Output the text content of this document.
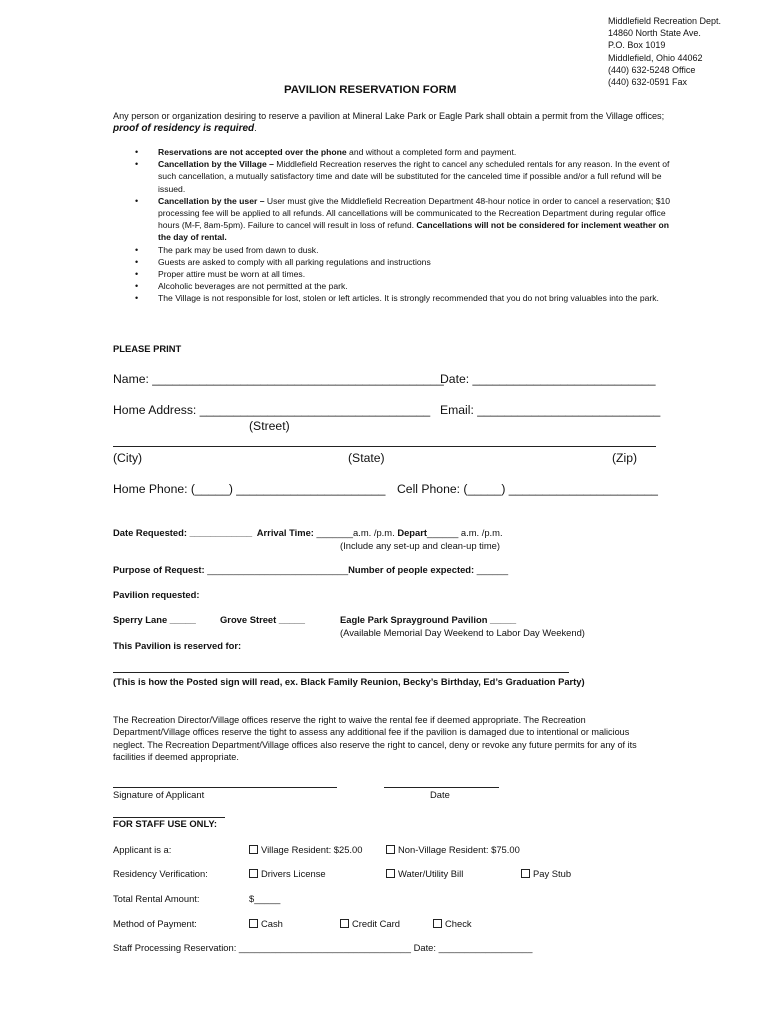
Middlefield Recreation Dept.
14860 North State Ave.
P.O. Box 1019
Middlefield, Ohio 44062
(440) 632-5248 Office
(440) 632-0591 Fax
PAVILION RESERVATION FORM
Any person or organization desiring to reserve a pavilion at Mineral Lake Park or Eagle Park shall obtain a permit from the Village offices; proof of residency is required.
• Reservations are not accepted over the phone and without a completed form and payment.
• Cancellation by the Village – Middlefield Recreation reserves the right to cancel any scheduled rentals for any reason. In the event of such cancellation, a mutually satisfactory time and date will be substituted for the canceled time if possible and/or a full refund will be issued.
• Cancellation by the user – User must give the Middlefield Recreation Department 48-hour notice in order to cancel a reservation; $10 processing fee will be applied to all refunds. All cancellations will be communicated to the Recreation Department during regular office hours (M-F, 8am-5pm). Failure to cancel will result in loss of refund. Cancellations will not be considered for inclement weather on the day of rental.
• The park may be used from dawn to dusk.
• Guests are asked to comply with all parking regulations and instructions
• Proper attire must be worn at all times.
• Alcoholic beverages are not permitted at the park.
• The Village is not responsible for lost, stolen or left articles. It is strongly recommended that you do not bring valuables into the park.
PLEASE PRINT
Name: ___________________________________________
Date: ___________________________
Home Address: __________________________________ Email: ___________________________
(Street)
(City)	(State)	(Zip)
Home Phone: (_____) ______________________ Cell Phone: (_____) ______________________
Date Requested: ____________ Arrival Time: _______a.m. /p.m. Depart______ a.m. /p.m.
(Include any set-up and clean-up time)
Purpose of Request: ___________________________Number of people expected: ______
Pavilion requested:
Sperry Lane _____	Grove Street _____	Eagle Park Sprayground Pavilion _____
(Available Memorial Day Weekend to Labor Day Weekend)
This Pavilion is reserved for:
(This is how the Posted sign will read, ex. Black Family Reunion, Becky’s Birthday, Ed’s Graduation Party)
The Recreation Director/Village offices reserve the right to waive the rental fee if deemed appropriate. The Recreation Department/Village offices reserve the tight to assess any additional fee if the pavilion is damaged due to intentional or malicious neglect. The Recreation Department/Village offices also reserve the right to cancel, deny or revoke any future permits for any of its facilities if deemed appropriate.
Signature of Applicant	Date
FOR STAFF USE ONLY:
Applicant is a:	Village Resident: $25.00	Non-Village Resident: $75.00
Residency Verification:	Drivers License	Water/Utility Bill	Pay Stub
Total Rental Amount:	$_____
Method of Payment:	Cash	Credit Card	Check
Staff Processing Reservation: _________________________________ Date: __________________
